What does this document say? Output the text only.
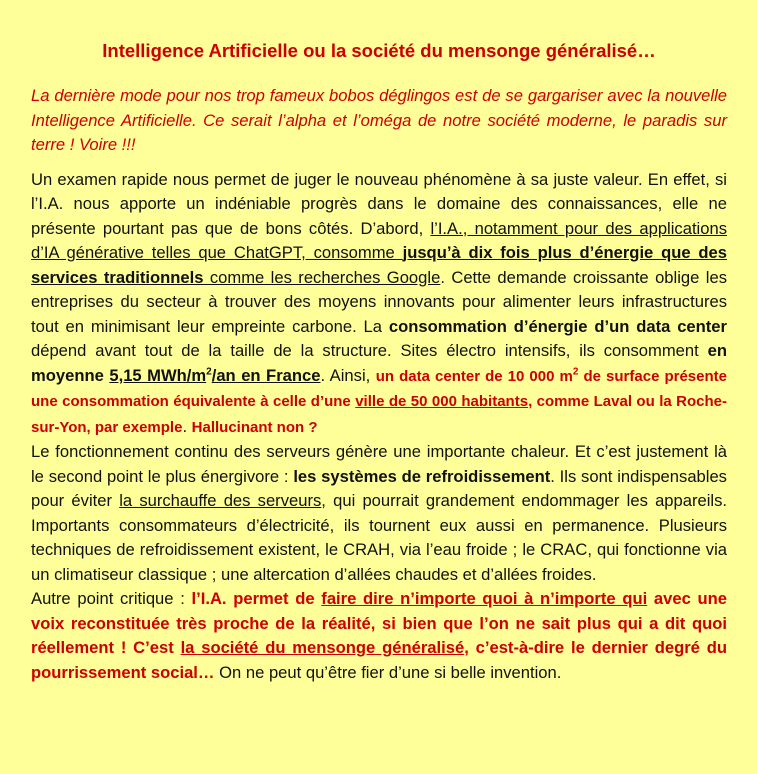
Intelligence Artificielle ou la société du mensonge généralisé…

La dernière mode pour nos trop fameux bobos déglingos est de se gargariser avec la nouvelle Intelligence Artificielle. Ce serait l’alpha et l’oméga de notre société moderne, le paradis sur terre ! Voire !!!

Un examen rapide nous permet de juger le nouveau phénomène à sa juste valeur. En effet, si l’I.A. nous apporte un indéniable progrès dans le domaine des connaissances, elle ne présente pourtant pas que de bons côtés. D’abord, l’I.A., notamment pour des applications d’IA générative telles que ChatGPT, consomme jusqu’à dix fois plus d’énergie que des services traditionnels comme les recherches Google. Cette demande croissante oblige les entreprises du secteur à trouver des moyens innovants pour alimenter leurs infrastructures tout en minimisant leur empreinte carbone. La consommation d’énergie d’un data center dépend avant tout de la taille de la structure. Sites électro intensifs, ils consomment en moyenne 5,15 MWh/$m^2/an$ en France. Ainsi, un data center de 10 000 $m^2$ de surface présente une consommation équivalente à celle d’une ville de 50 000 habitants, comme Laval ou la Roche-sur-Yon, par exemple. Hallucinant non ?

Le fonctionnement continu des serveurs génère une importante chaleur. Et c’est justement là le second point le plus énergivore : les systèmes de refroidissement. Ils sont indispensables pour éviter la surchauffe des serveurs, qui pourrait grandement endommager les appareils. Importants consommateurs d’électricité, ils tournent eux aussi en permanence. Plusieurs techniques de refroidissement existent, le CRAH, via l’eau froide ; le CRAC, qui fonctionne via un climatiseur classique ; une altercation d’allées chaudes et d’allées froides.

Autre point critique : l’I.A. permet de faire dire n’importe quoi à n’importe qui avec une voix reconstituée très proche de la réalité, si bien que l’on ne sait plus qui a dit quoi réellement ! C’est la société du mensonge généralisé, c’est-à-dire le dernier degré du pourrissement social… On ne peut qu’être fier d’une si belle invention.
